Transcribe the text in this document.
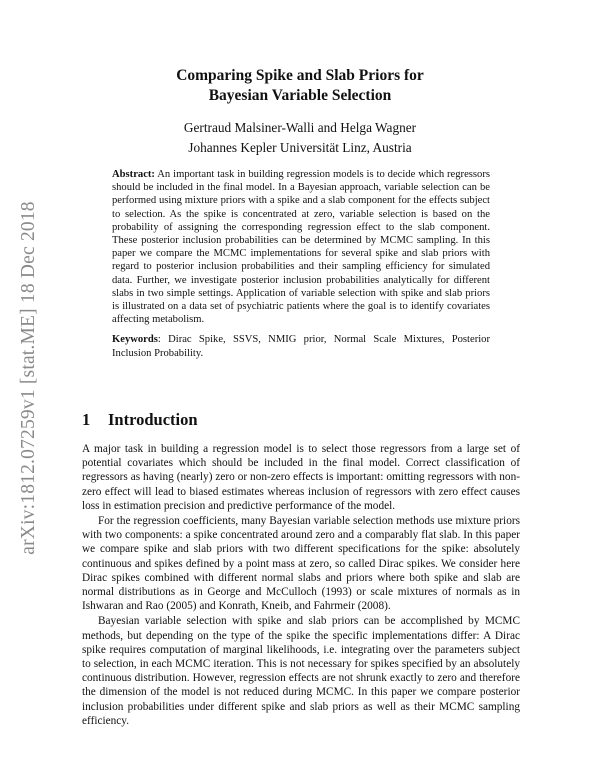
arXiv:1812.07259v1 [stat.ME] 18 Dec 2018
Comparing Spike and Slab Priors for
Bayesian Variable Selection
Gertraud Malsiner-Walli and Helga Wagner
Johannes Kepler Universität Linz, Austria

Abstract: An important task in building regression models is to decide which regressors should be included in the final model. In a Bayesian approach, variable selection can be performed using mixture priors with a spike and a slab component for the effects subject to selection. As the spike is concentrated at zero, variable selection is based on the probability of assigning the corresponding regression effect to the slab component. These posterior inclusion probabilities can be determined by MCMC sampling. In this paper we compare the MCMC implementations for several spike and slab priors with regard to posterior inclusion probabilities and their sampling efficiency for simulated data. Further, we investigate posterior inclusion probabilities analytically for different slabs in two simple settings. Application of variable selection with spike and slab priors is illustrated on a data set of psychiatric patients where the goal is to identify covariates affecting metabolism.

Keywords: Dirac Spike, SSVS, NMIG prior, Normal Scale Mixtures, Posterior Inclusion Probability.

1 Introduction

A major task in building a regression model is to select those regressors from a large set of potential covariates which should be included in the final model. Correct classification of regressors as having (nearly) zero or non-zero effects is important: omitting regressors with non-zero effect will lead to biased estimates whereas inclusion of regressors with zero effect causes loss in estimation precision and predictive performance of the model.

For the regression coefficients, many Bayesian variable selection methods use mixture priors with two components: a spike concentrated around zero and a comparably flat slab. In this paper we compare spike and slab priors with two different specifications for the spike: absolutely continuous and spikes defined by a point mass at zero, so called Dirac spikes. We consider here Dirac spikes combined with different normal slabs and priors where both spike and slab are normal distributions as in George and McCulloch (1993) or scale mixtures of normals as in Ishwaran and Rao (2005) and Konrath, Kneib, and Fahrmeir (2008).

Bayesian variable selection with spike and slab priors can be accomplished by MCMC methods, but depending on the type of the spike the specific implementations differ: A Dirac spike requires computation of marginal likelihoods, i.e. integrating over the parameters subject to selection, in each MCMC iteration. This is not necessary for spikes specified by an absolutely continuous distribution. However, regression effects are not shrunk exactly to zero and therefore the dimension of the model is not reduced during MCMC. In this paper we compare posterior inclusion probabilities under different spike and slab priors as well as their MCMC sampling efficiency.
